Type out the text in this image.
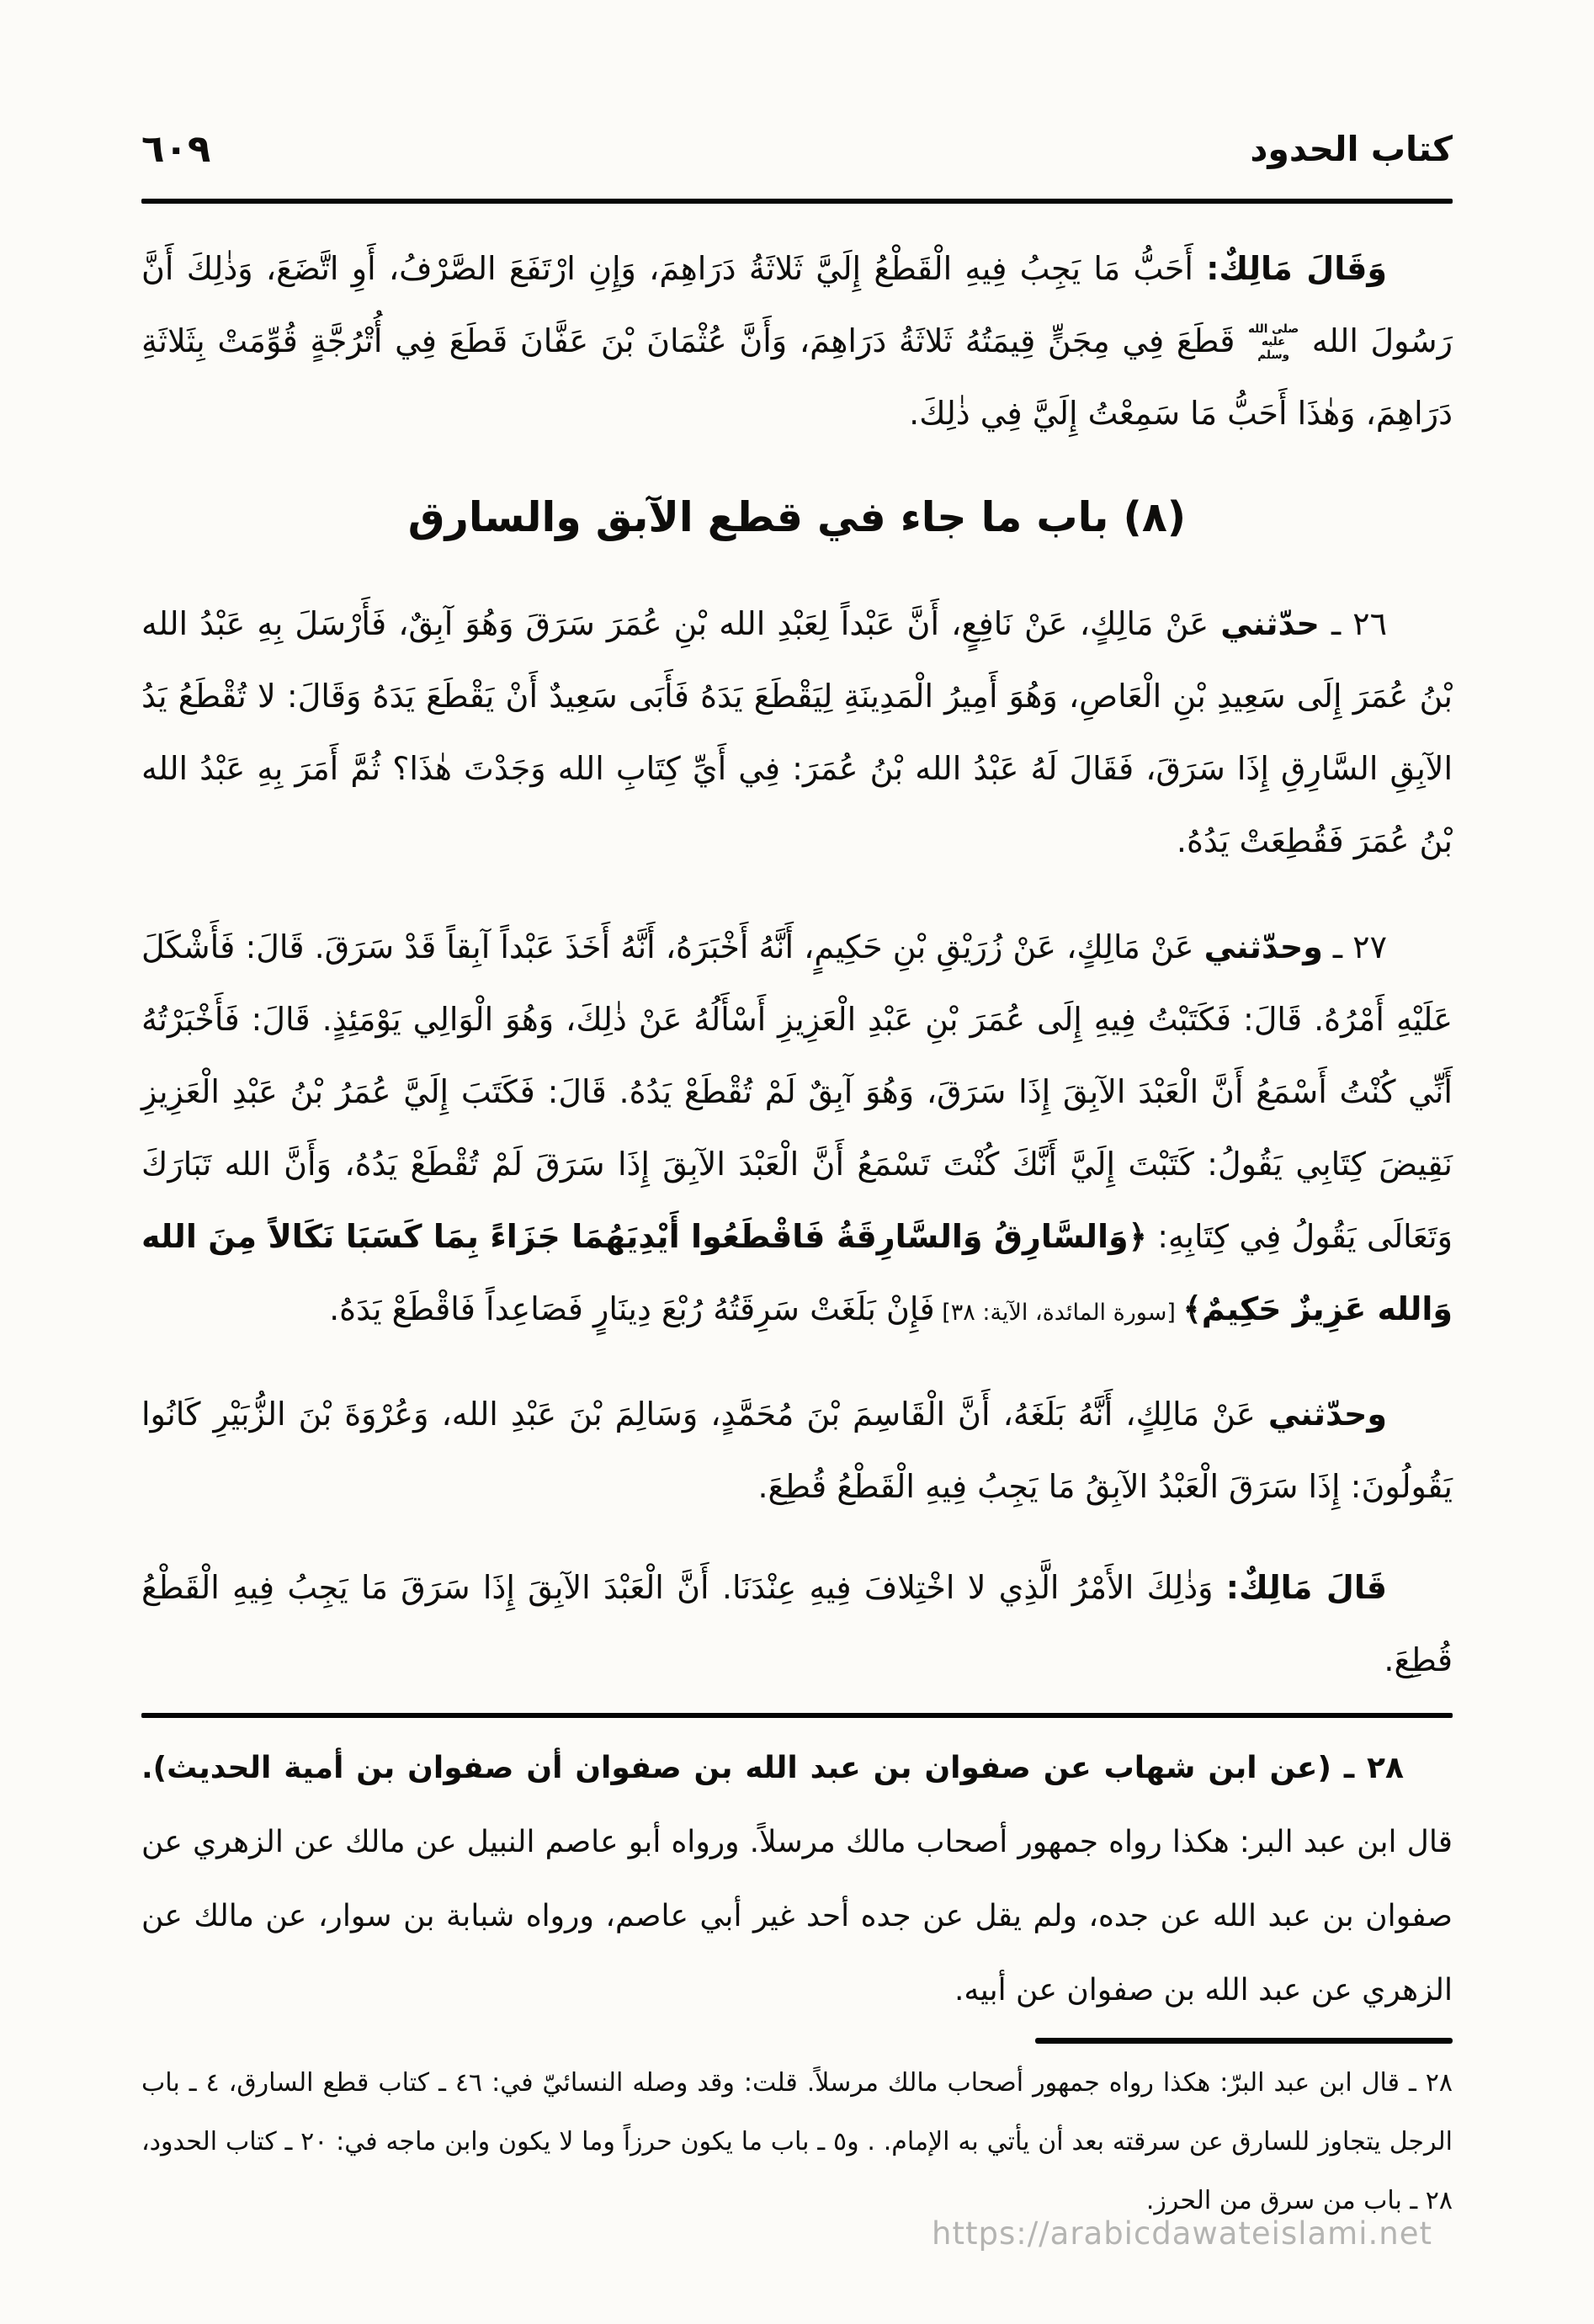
كتاب الحدود
٦٠٩

وَقَالَ مَالِكٌ: أَحَبُّ مَا يَجِبُ فِيهِ الْقَطْعُ إِلَيَّ ثَلاثَةُ دَرَاهِمَ، وَإِنِ ارْتَفَعَ الصَّرْفُ، أَوِ اتَّضَعَ، وَذٰلِكَ أَنَّ رَسُولَ الله صلى الله عليه وسلم قَطَعَ فِي مِجَنٍّ قِيمَتُهُ ثَلاثَةُ دَرَاهِمَ، وَأَنَّ عُثْمَانَ بْنَ عَفَّانَ قَطَعَ فِي أُتْرُجَّةٍ قُوِّمَتْ بِثَلاثَةِ دَرَاهِمَ، وَهٰذَا أَحَبُّ مَا سَمِعْتُ إِلَيَّ فِي ذٰلِكَ.

(٨) باب ما جاء في قطع الآبق والسارق

٢٦ ـ حدّثني عَنْ مَالِكٍ، عَنْ نَافِعٍ، أَنَّ عَبْداً لِعَبْدِ الله بْنِ عُمَرَ سَرَقَ وَهُوَ آبِقٌ، فَأَرْسَلَ بِهِ عَبْدُ الله بْنُ عُمَرَ إِلَى سَعِيدِ بْنِ الْعَاصِ، وَهُوَ أَمِيرُ الْمَدِينَةِ لِيَقْطَعَ يَدَهُ فَأَبَى سَعِيدٌ أَنْ يَقْطَعَ يَدَهُ وَقَالَ: لا تُقْطَعُ يَدُ الآبِقِ السَّارِقِ إِذَا سَرَقَ، فَقَالَ لَهُ عَبْدُ الله بْنُ عُمَرَ: فِي أَيِّ كِتَابِ الله وَجَدْتَ هٰذَا؟ ثُمَّ أَمَرَ بِهِ عَبْدُ الله بْنُ عُمَرَ فَقُطِعَتْ يَدُهُ.

٢٧ ـ وحدّثني عَنْ مَالِكٍ، عَنْ زُرَيْقِ بْنِ حَكِيمٍ، أَنَّهُ أَخْبَرَهُ، أَنَّهُ أَخَذَ عَبْداً آبِقاً قَدْ سَرَقَ. قَالَ: فَأَشْكَلَ عَلَيْهِ أَمْرُهُ. قَالَ: فَكَتَبْتُ فِيهِ إِلَى عُمَرَ بْنِ عَبْدِ الْعَزِيزِ أَسْأَلُهُ عَنْ ذٰلِكَ، وَهُوَ الْوَالِي يَوْمَئِذٍ. قَالَ: فَأَخْبَرْتُهُ أَنِّي كُنْتُ أَسْمَعُ أَنَّ الْعَبْدَ الآبِقَ إِذَا سَرَقَ، وَهُوَ آبِقٌ لَمْ تُقْطَعْ يَدُهُ. قَالَ: فَكَتَبَ إِلَيَّ عُمَرُ بْنُ عَبْدِ الْعَزِيزِ نَقِيضَ كِتَابِي يَقُولُ: كَتَبْتَ إِلَيَّ أَنَّكَ كُنْتَ تَسْمَعُ أَنَّ الْعَبْدَ الآبِقَ إِذَا سَرَقَ لَمْ تُقْطَعْ يَدُهُ، وَأَنَّ الله تَبَارَكَ وَتَعَالَى يَقُولُ فِي كِتَابِهِ: ﴿وَالسَّارِقُ وَالسَّارِقَةُ فَاقْطَعُوا أَيْدِيَهُمَا جَزَاءً بِمَا كَسَبَا نَكَالاً مِنَ الله وَالله عَزِيزٌ حَكِيمٌ﴾ [سورة المائدة، الآية: ٣٨] فَإِنْ بَلَغَتْ سَرِقَتُهُ رُبْعَ دِينَارٍ فَصَاعِداً فَاقْطَعْ يَدَهُ.

وحدّثني عَنْ مَالِكٍ، أَنَّهُ بَلَغَهُ، أَنَّ الْقَاسِمَ بْنَ مُحَمَّدٍ، وَسَالِمَ بْنَ عَبْدِ الله، وَعُرْوَةَ بْنَ الزُّبَيْرِ كَانُوا يَقُولُونَ: إِذَا سَرَقَ الْعَبْدُ الآبِقُ مَا يَجِبُ فِيهِ الْقَطْعُ قُطِعَ.

قَالَ مَالِكٌ: وَذٰلِكَ الأَمْرُ الَّذِي لا اخْتِلافَ فِيهِ عِنْدَنَا. أَنَّ الْعَبْدَ الآبِقَ إِذَا سَرَقَ مَا يَجِبُ فِيهِ الْقَطْعُ قُطِعَ.

٢٨ ـ (عن ابن شهاب عن صفوان بن عبد الله بن صفوان أن صفوان بن أمية الحديث). قال ابن عبد البر: هكذا رواه جمهور أصحاب مالك مرسلاً. ورواه أبو عاصم النبيل عن مالك عن الزهري عن صفوان بن عبد الله عن جده، ولم يقل عن جده أحد غير أبي عاصم، ورواه شبابة بن سوار، عن مالك عن الزهري عن عبد الله بن صفوان عن أبيه.

٢٨ ـ قال ابن عبد البرّ: هكذا رواه جمهور أصحاب مالك مرسلاً. قلت: وقد وصله النسائيّ في: ٤٦ ـ كتاب قطع السارق، ٤ ـ باب الرجل يتجاوز للسارق عن سرقته بعد أن يأتي به الإمام. . و٥ ـ باب ما يكون حرزاً وما لا يكون وابن ماجه في: ٢٠ ـ كتاب الحدود، ٢٨ ـ باب من سرق من الحرز.

https://arabicdawateislami.net
